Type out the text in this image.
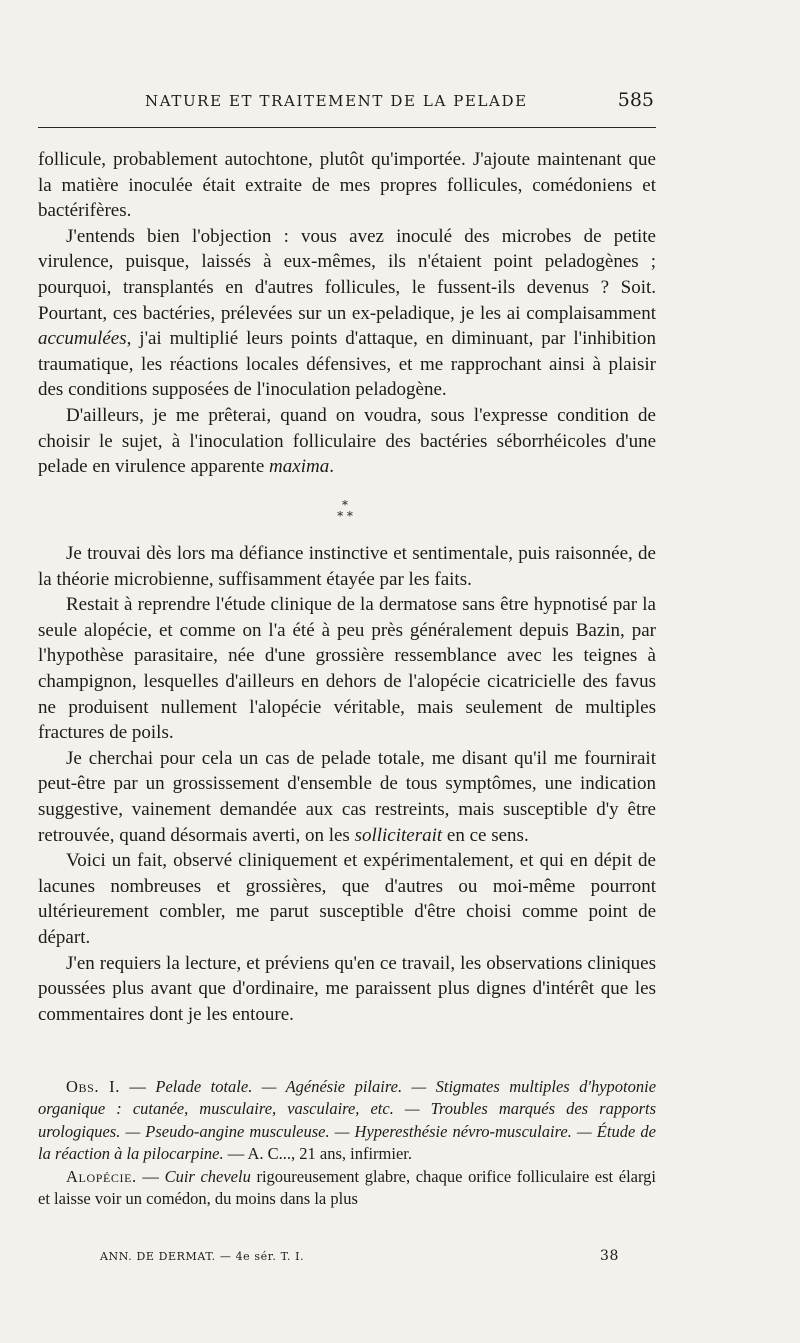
NATURE ET TRAITEMENT DE LA PELADE	585

follicule, probablement autochtone, plutôt qu'importée. J'ajoute maintenant que la matière inoculée était extraite de mes propres follicules, comédoniens et bactérifères.

J'entends bien l'objection : vous avez inoculé des microbes de petite virulence, puisque, laissés à eux-mêmes, ils n'étaient point peladogènes ; pourquoi, transplantés en d'autres follicules, le fussent-ils devenus ? Soit. Pourtant, ces bactéries, prélevées sur un ex-peladique, je les ai complaisamment accumulées, j'ai multiplié leurs points d'attaque, en diminuant, par l'inhibition traumatique, les réactions locales défensives, et me rapprochant ainsi à plaisir des conditions supposées de l'inoculation peladogène.

D'ailleurs, je me prêterai, quand on voudra, sous l'expresse condition de choisir le sujet, à l'inoculation folliculaire des bactéries séborrhéicoles d'une pelade en virulence apparente maxima.

*
* *

Je trouvai dès lors ma défiance instinctive et sentimentale, puis raisonnée, de la théorie microbienne, suffisamment étayée par les faits.

Restait à reprendre l'étude clinique de la dermatose sans être hypnotisé par la seule alopécie, et comme on l'a été à peu près généralement depuis Bazin, par l'hypothèse parasitaire, née d'une grossière ressemblance avec les teignes à champignon, lesquelles d'ailleurs en dehors de l'alopécie cicatricielle des favus ne produisent nullement l'alopécie véritable, mais seulement de multiples fractures de poils.

Je cherchai pour cela un cas de pelade totale, me disant qu'il me fournirait peut-être par un grossissement d'ensemble de tous symptômes, une indication suggestive, vainement demandée aux cas restreints, mais susceptible d'y être retrouvée, quand désormais averti, on les solliciterait en ce sens.

Voici un fait, observé cliniquement et expérimentalement, et qui en dépit de lacunes nombreuses et grossières, que d'autres ou moi-même pourront ultérieurement combler, me parut susceptible d'être choisi comme point de départ.

J'en requiers la lecture, et préviens qu'en ce travail, les observations cliniques poussées plus avant que d'ordinaire, me paraissent plus dignes d'intérêt que les commentaires dont je les entoure.

Obs. I. — Pelade totale. — Agénésie pilaire. — Stigmates multiples d'hypotonie organique : cutanée, musculaire, vasculaire, etc. — Troubles marqués des rapports urologiques. — Pseudo-angine musculeuse. — Hyperesthésie névro-musculaire. — Étude de la réaction à la pilocarpine. — A. C..., 21 ans, infirmier.

Alopécie. — Cuir chevelu rigoureusement glabre, chaque orifice folliculaire est élargi et laisse voir un comédon, du moins dans la plus

ANN. DE DERMAT. — 4e sér. T. I.	38
